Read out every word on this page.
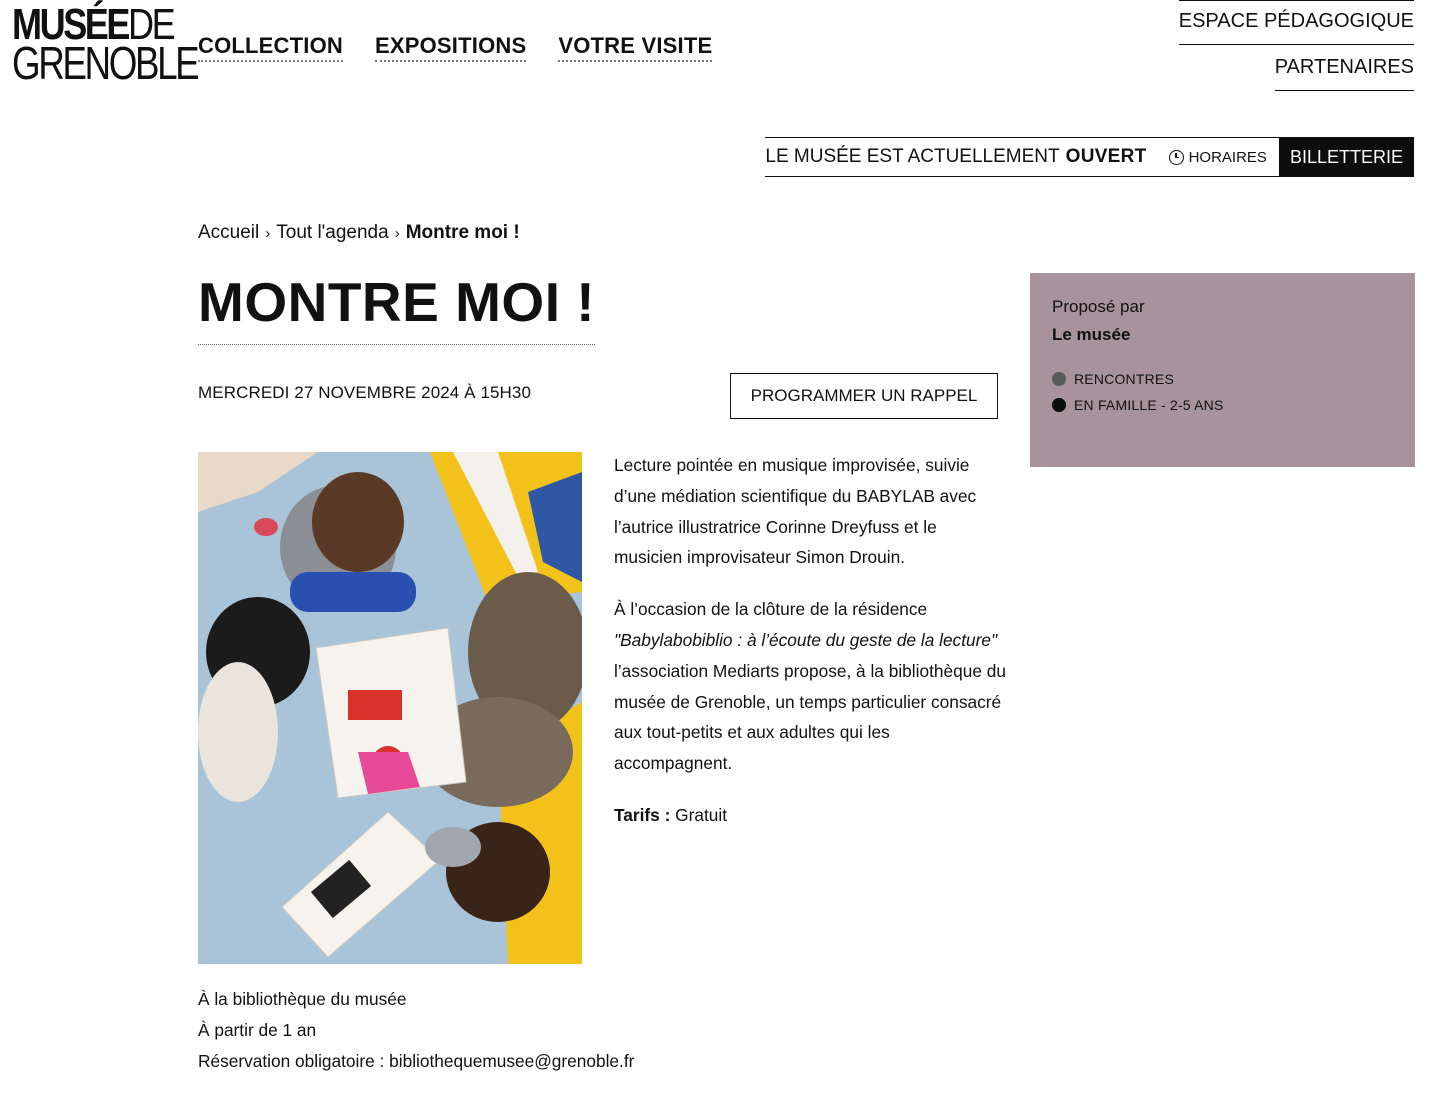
MUSÉEDE
GRENOBLE COLLECTION EXPOSITIONS VOTRE VISITE
ESPACE PÉDAGOGIQUE
PARTENAIRES
LE MUSÉE EST ACTUELLEMENT OUVERT	HORAIRES	BILLETTERIE
Accueil › Tout l'agenda › Montre moi !
MONTRE MOI !
MERCREDI 27 NOVEMBRE 2024 À 15H30	PROGRAMMER UN RAPPEL

Lecture pointée en musique improvisée, suivie d’une médiation scientifique du BABYLAB avec l’autrice illustratrice Corinne Dreyfuss et le musicien improvisateur Simon Drouin.

À l’occasion de la clôture de la résidence "Babylabobiblio : à l’écoute du geste de la lecture" l’association Mediarts propose, à la bibliothèque du musée de Grenoble, un temps particulier consacré aux tout-petits et aux adultes qui les accompagnent.

Tarifs : Gratuit

À la bibliothèque du musée
À partir de 1 an
Réservation obligatoire : bibliothequemusee@grenoble.fr
Proposé par
Le musée
RENCONTRES
EN FAMILLE - 2-5 ANS
